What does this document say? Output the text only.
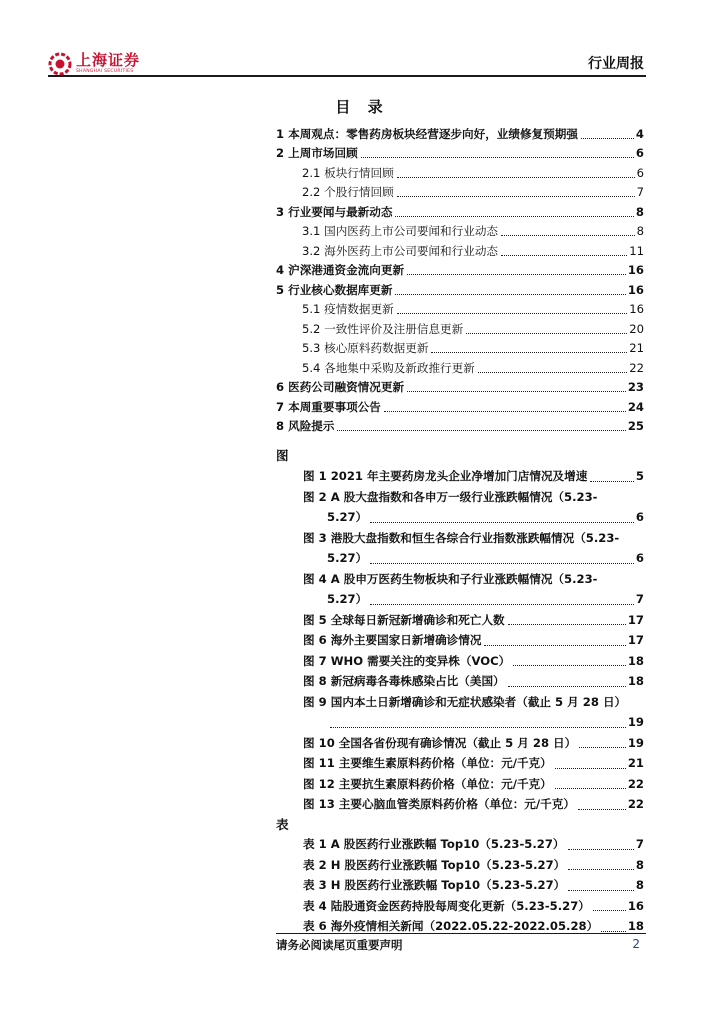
上海证券
SHANGHAI SECURITIES	行业周报
目 录
1 本周观点：零售药房板块经营逐步向好，业绩修复预期强	4
2 上周市场回顾	6
2.1 板块行情回顾	6
2.2 个股行情回顾	7
3 行业要闻与最新动态	8
3.1 国内医药上市公司要闻和行业动态	8
3.2 海外医药上市公司要闻和行业动态	11
4 沪深港通资金流向更新	16
5 行业核心数据库更新	16
5.1 疫情数据更新	16
5.2 一致性评价及注册信息更新	20
5.3 核心原料药数据更新	21
5.4 各地集中采购及新政推行更新	22
6 医药公司融资情况更新	23
7 本周重要事项公告	24
8 风险提示	25
图
图 1 2021 年主要药房龙头企业净增加门店情况及增速	5
图 2 A 股大盘指数和各申万一级行业涨跌幅情况（5.23-
5.27）	6
图 3 港股大盘指数和恒生各综合行业指数涨跌幅情况（5.23-
5.27）	6
图 4 A 股申万医药生物板块和子行业涨跌幅情况（5.23-
5.27）	7
图 5 全球每日新冠新增确诊和死亡人数	17
图 6 海外主要国家日新增确诊情况	17
图 7 WHO 需要关注的变异株（VOC）	18
图 8 新冠病毒各毒株感染占比（美国）	18
图 9 国内本土日新增确诊和无症状感染者（截止 5 月 28 日）
19
图 10 全国各省份现有确诊情况（截止 5 月 28 日）	19
图 11 主要维生素原料药价格（单位：元/千克）	21
图 12 主要抗生素原料药价格（单位：元/千克）	22
图 13 主要心脑血管类原料药价格（单位：元/千克）	22
表
表 1 A 股医药行业涨跌幅 Top10（5.23-5.27）	7
表 2 H 股医药行业涨跌幅 Top10（5.23-5.27）	8
表 3 H 股医药行业涨跌幅 Top10（5.23-5.27）	8
表 4 陆股通资金医药持股每周变化更新（5.23-5.27）	16
表 6 海外疫情相关新闻（2022.05.22-2022.05.28）	18
请务必阅读尾页重要声明	2
